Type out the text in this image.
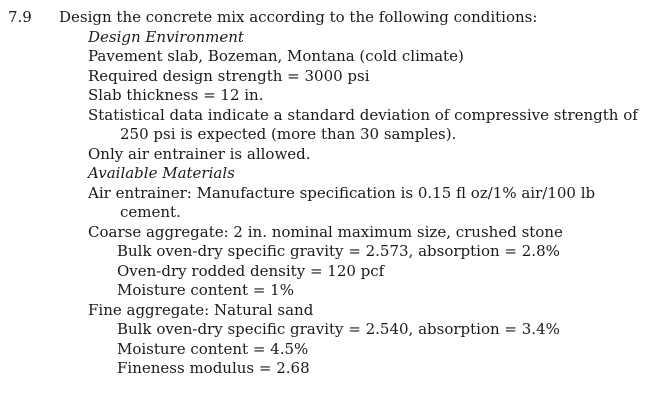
7.9 Design the concrete mix according to the following conditions:
Design Environment
Pavement slab, Bozeman, Montana (cold climate)
Required design strength = 3000 psi
Slab thickness = 12 in.
Statistical data indicate a standard deviation of compressive strength of 250 psi is expected (more than 30 samples).
Only air entrainer is allowed.
Available Materials
Air entrainer: Manufacture specification is 0.15 fl oz/1% air/100 lb cement.
Coarse aggregate: 2 in. nominal maximum size, crushed stone
Bulk oven-dry specific gravity = 2.573, absorption = 2.8%
Oven-dry rodded density = 120 pcf
Moisture content = 1%
Fine aggregate: Natural sand
Bulk oven-dry specific gravity = 2.540, absorption = 3.4%
Moisture content = 4.5%
Fineness modulus = 2.68
